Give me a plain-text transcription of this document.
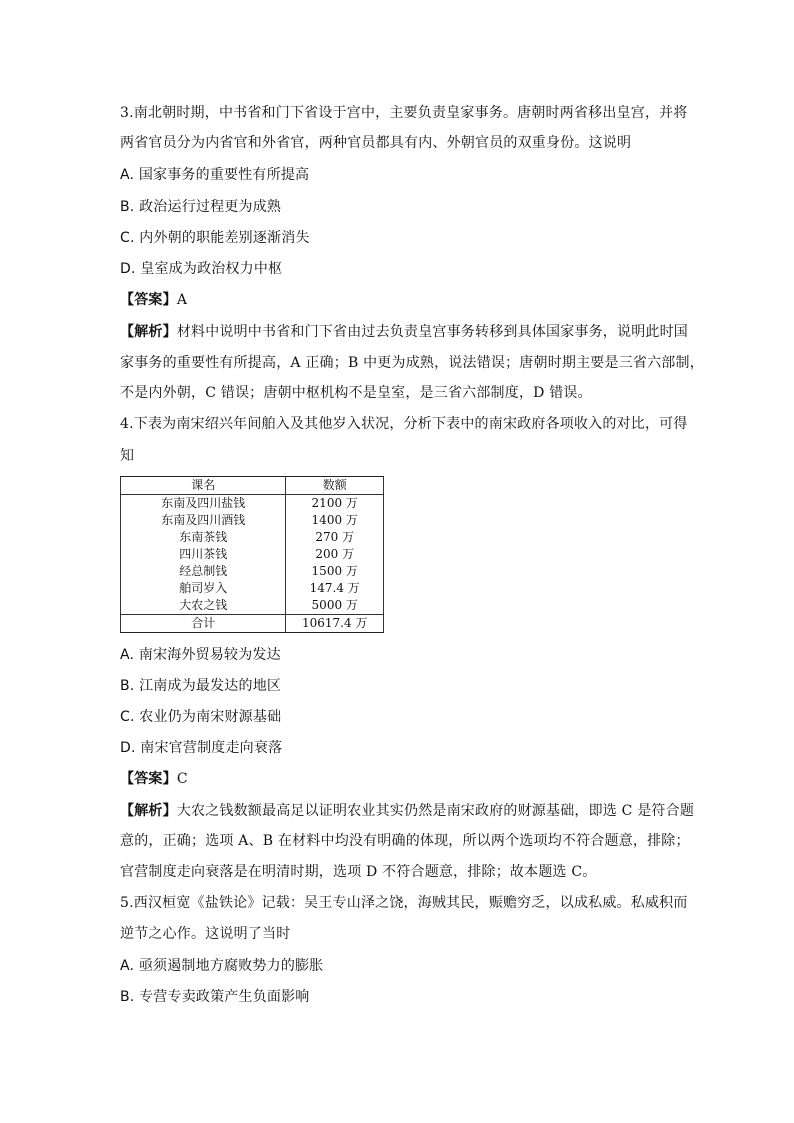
3.南北朝时期，中书省和门下省设于宫中，主要负责皇家事务。唐朝时两省移出皇宫，并将
两省官员分为内省官和外省官，两种官员都具有内、外朝官员的双重身份。这说明
A. 国家事务的重要性有所提高
B. 政治运行过程更为成熟
C. 内外朝的职能差别逐渐消失
D. 皇室成为政治权力中枢
【答案】A
【解析】材料中说明中书省和门下省由过去负责皇宫事务转移到具体国家事务，说明此时国
家事务的重要性有所提高，A 正确；B 中更为成熟，说法错误；唐朝时期主要是三省六部制，
不是内外朝，C 错误；唐朝中枢机构不是皇室，是三省六部制度，D 错误。
4.下表为南宋绍兴年间舶入及其他岁入状况，分析下表中的南宋政府各项收入的对比，可得
知
课名	数额
东南及四川盐钱	2100 万
东南及四川酒钱	1400 万
东南茶钱	270 万
四川茶钱	200 万
经总制钱	1500 万
舶司岁入	147.4 万
大农之钱	5000 万
合计	10617.4 万
A. 南宋海外贸易较为发达
B. 江南成为最发达的地区
C. 农业仍为南宋财源基础
D. 南宋官营制度走向衰落
【答案】C
【解析】大农之钱数额最高足以证明农业其实仍然是南宋政府的财源基础，即选 C 是符合题
意的，正确；选项 A、B 在材料中均没有明确的体现，所以两个选项均不符合题意，排除；
官营制度走向衰落是在明清时期，选项 D 不符合题意，排除；故本题选 C。
5.西汉桓宽《盐铁论》记载：吴王专山泽之饶，海贼其民，赈赡穷乏，以成私威。私威积而
逆节之心作。这说明了当时
A. 亟须遏制地方腐败势力的膨胀
B. 专营专卖政策产生负面影响
